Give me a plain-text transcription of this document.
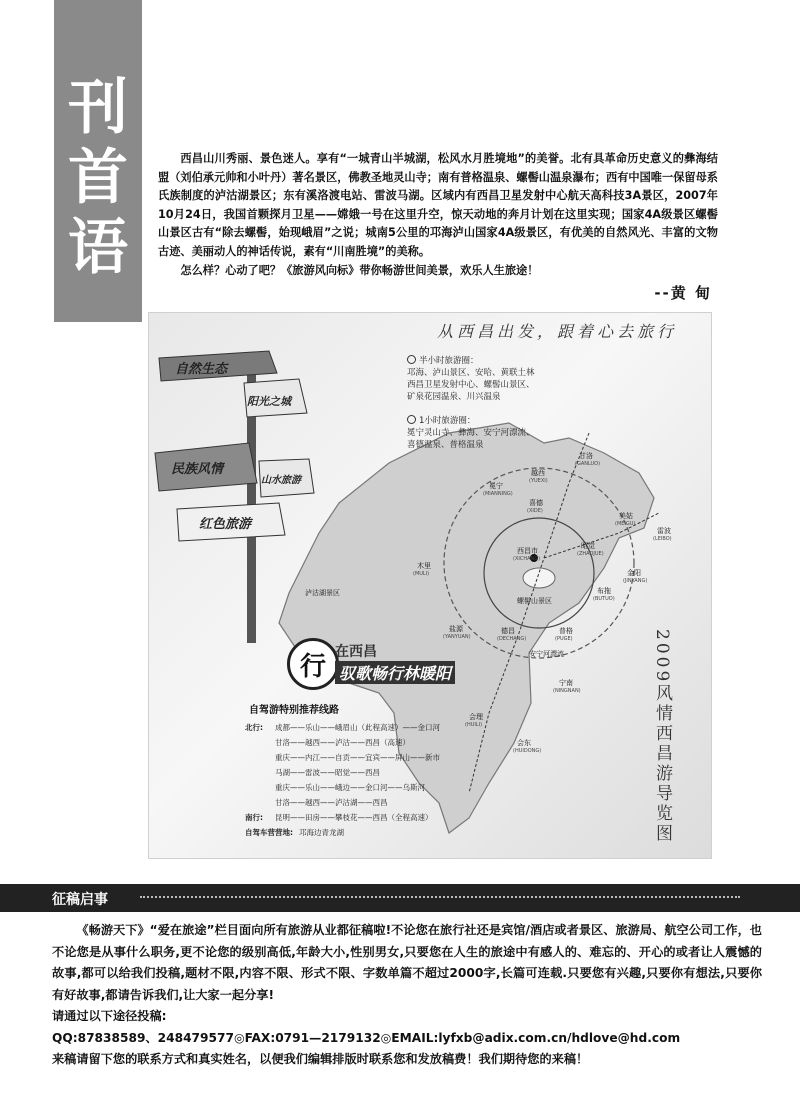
刊
首
语

西昌山川秀丽、景色迷人。享有“一城青山半城湖，松风水月胜境地”的美誉。北有具革命历史意义的彝海结盟（刘伯承元帅和小叶丹）著名景区，佛教圣地灵山寺；南有普格温泉、螺髻山温泉瀑布；西有中国唯一保留母系氏族制度的泸沽湖景区；东有溪洛渡电站、雷波马湖。区域内有西昌卫星发射中心航天高科技3A景区，2007年10月24日，我国首颗探月卫星——嫦娥一号在这里升空，惊天动地的奔月计划在这里实现；国家4A级景区螺髻山景区古有“除去螺髻，始现峨眉”之说；城南5公里的邛海泸山国家4A级景区，有优美的自然风光、丰富的文物古迹、美丽动人的神话传说，素有“川南胜境”的美称。

怎么样？心动了吧？《旅游风向标》带你畅游世间美景，欢乐人生旅途！

--黄 甸
自然生态
阳光之城
民族风情
山水旅游
红色旅游
甘洛
(GANLUO)
越西
(YUEXI)
冕宁
(MIANNING)
喜德
(XIDE)
昭觉
(ZHAOJUE)
美姑
(MEIGU)
雷波
(LEIBO)
西昌市
(XICHANG)
木里
(MULI)
盐源
(YANYUAN)
德昌
(DECHANG)
普格
(PUGE)
布拖
(BUTUO)
金阳
(JINYANG)
宁南
(NINGNAN)
会理
(HUILI)
会东
(HUIDONG)
泸沽湖景区
螺髻山景区
安宁河漂流
从西昌出发，跟着心去旅行
半小时旅游圈：
邛海、泸山景区、安哈、黄联土林
西昌卫星发射中心、螺髻山景区、
矿泉花园温泉、川兴温泉
1小时旅游圈：
冕宁灵山寺、彝海、安宁河漂流、
喜德温泉、普格温泉
2009风情西昌游导览图
行 在西昌
驭歌畅行林暖阳
自驾游特别推荐线路
北行: 成都——乐山——峨眉山（此程高速）——金口河
甘洛——越西——泸沽——西昌（高速）
重庆——内江——自贡——宜宾——屏山——新市
马湖——雷波——昭觉——西昌
重庆——乐山——峨边——金口河——乌斯河
甘洛——越西——泸沽湖——西昌
南行: 昆明——田房——攀枝花——西昌（全程高速）
自驾车营营地: 邛海边青龙湖
征稿启事

《畅游天下》“爱在旅途”栏目面向所有旅游从业都征稿啦!不论您在旅行社还是宾馆/酒店或者景区、旅游局、航空公司工作，也不论您是从事什么职务,更不论您的级别高低,年龄大小,性别男女,只要您在人生的旅途中有感人的、难忘的、开心的或者让人震憾的故事,都可以给我们投稿,题材不限,内容不限、形式不限、字数单篇不超过2000字,长篇可连载.只要您有兴趣,只要你有想法,只要你有好故事,都请告诉我们,让大家一起分享!

请通过以下途径投稿:

QQ:87838589、248479577◎FAX:0791—2179132◎EMAIL:lyfxb@adix.com.cn/hdlove@hd.com

来稿请留下您的联系方式和真实姓名，以便我们编辑排版时联系您和发放稿费！我们期待您的来稿！
